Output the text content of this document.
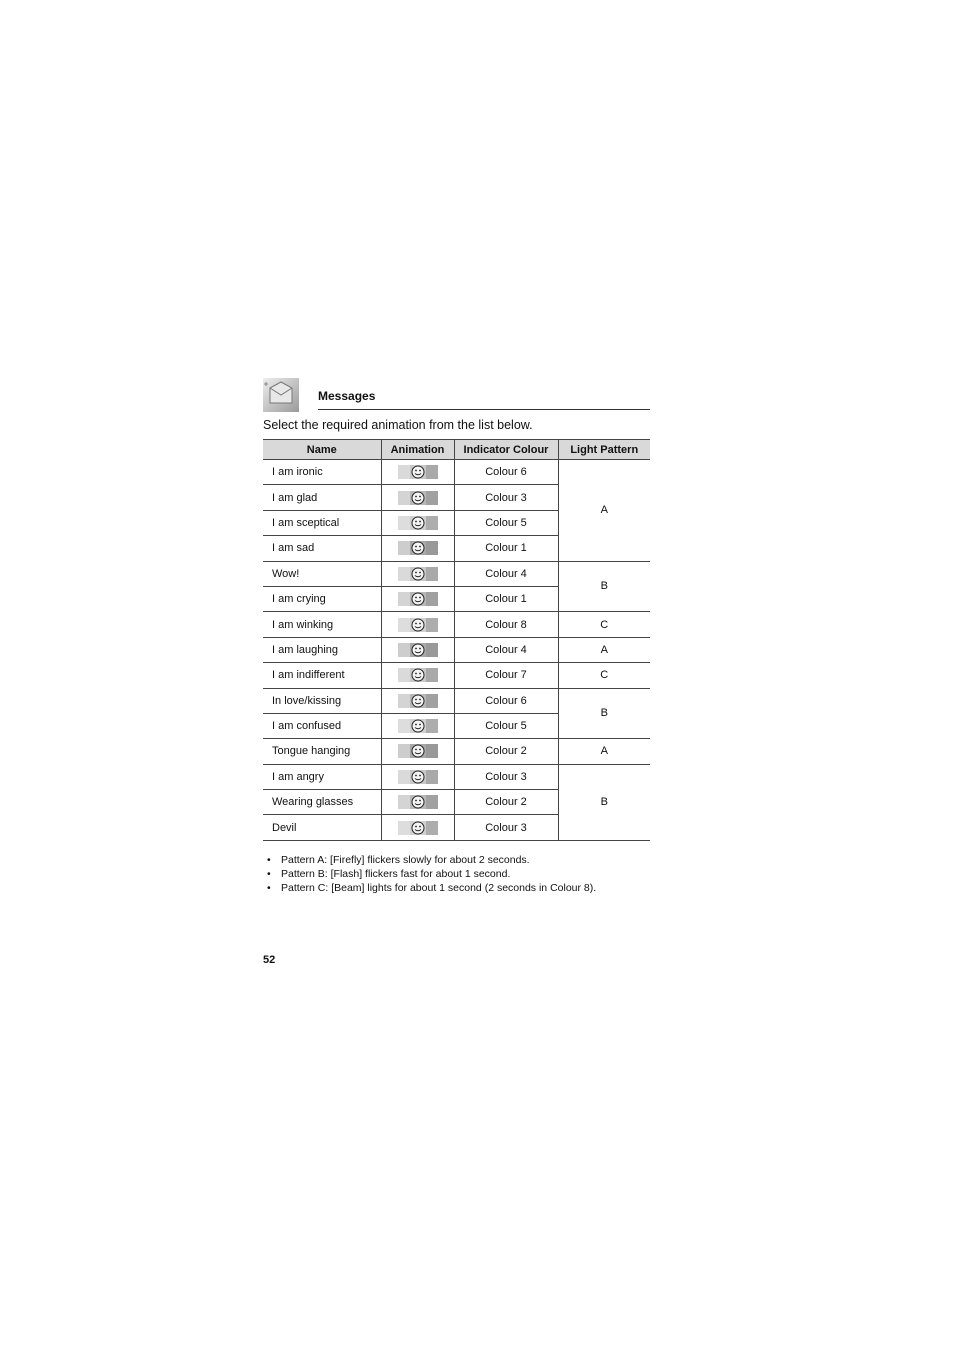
Messages
Select the required animation from the list below.
Name	Animation	Indicator Colour	Light Pattern
I am ironic		Colour 6	A
I am glad		Colour 3	
I am sceptical		Colour 5	
I am sad		Colour 1	
Wow!		Colour 4	B
I am crying		Colour 1	
I am winking		Colour 8	C
I am laughing		Colour 4	A
I am indifferent		Colour 7	C
In love/kissing		Colour 6	B
I am confused		Colour 5	
Tongue hanging		Colour 2	A
I am angry		Colour 3	B
Wearing glasses		Colour 2	
Devil		Colour 3	
• Pattern A: [Firefly] flickers slowly for about 2 seconds.
• Pattern B: [Flash] flickers fast for about 1 second.
• Pattern C: [Beam] lights for about 1 second (2 seconds in Colour 8).
52
